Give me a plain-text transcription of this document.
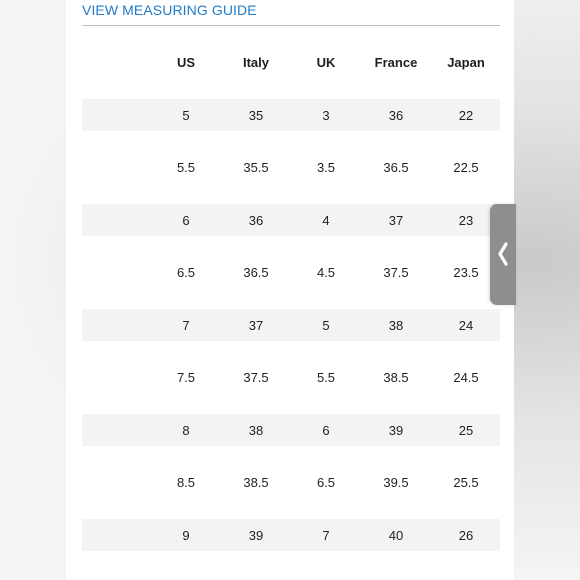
VIEW MEASURING GUIDE
US	Italy	UK	France	Japan
5	35	3	36	22
5.5	35.5	3.5	36.5	22.5
6	36	4	37	23
6.5	36.5	4.5	37.5	23.5
7	37	5	38	24
7.5	37.5	5.5	38.5	24.5
8	38	6	39	25
8.5	38.5	6.5	39.5	25.5
9	39	7	40	26
